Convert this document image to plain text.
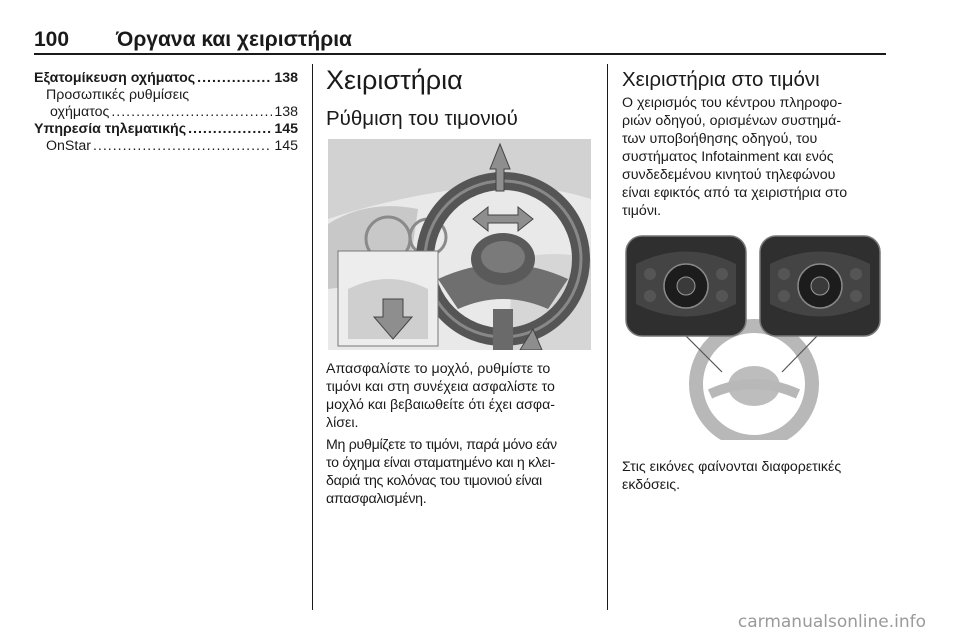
100 Όργανα και χειριστήρια
Εξατομίκευση οχήματος .....	138
Προσωπικές ρυθμίσεις
οχήματος .....	138
Υπηρεσία τηλεματικής .....	145
OnStar .....	145
Χειριστήρια
Ρύθμιση του τιμονιού

Απασφαλίστε το μοχλό, ρυθμίστε το
τιμόνι και στη συνέχεια ασφαλίστε το
μοχλό και βεβαιωθείτε ότι έχει ασφα-
λίσει.

Μη ρυθμίζετε το τιμόνι, παρά μόνο εάν
το όχημα είναι σταματημένο και η κλει-
δαριά της κολόνας του τιμονιού είναι
απασφαλισμένη.

Χειριστήρια στο τιμόνι

Ο χειρισμός του κέντρου πληροφο-
ριών οδηγού, ορισμένων συστημά-
των υποβοήθησης οδηγού, του
συστήματος Infotainment και ενός
συνδεδεμένου κινητού τηλεφώνου
είναι εφικτός από τα χειριστήρια στο
τιμόνι.

Στις εικόνες φαίνονται διαφορετικές
εκδόσεις.

carmanualsonline.info
